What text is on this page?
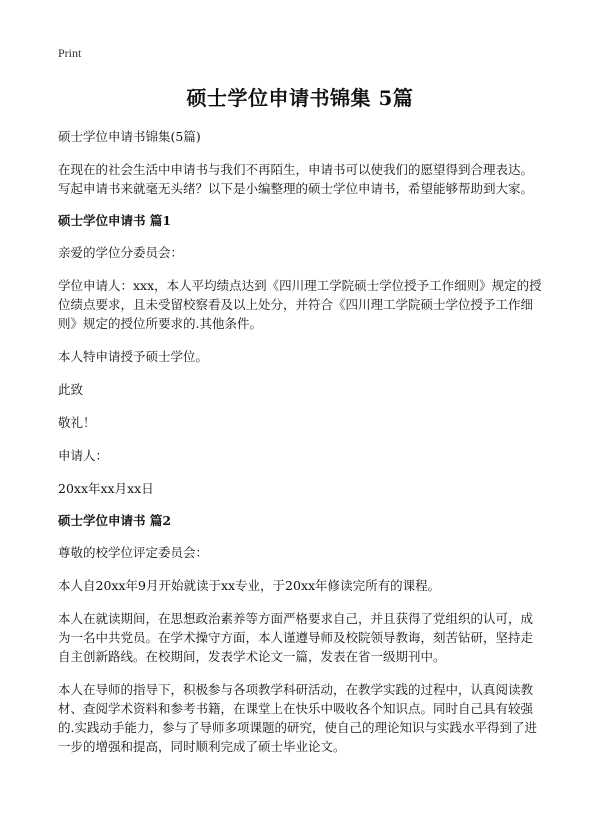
Print
硕士学位申请书锦集 5篇

硕士学位申请书锦集(5篇)

在现在的社会生活中申请书与我们不再陌生，申请书可以使我们的愿望得到合理表达。写起申请书来就毫无头绪？以下是小编整理的硕士学位申请书，希望能够帮助到大家。

硕士学位申请书 篇1

亲爱的学位分委员会：

学位申请人：xxx，本人平均绩点达到《四川理工学院硕士学位授予工作细则》规定的授位绩点要求，且未受留校察看及以上处分，并符合《四川理工学院硕士学位授予工作细则》规定的授位所要求的.其他条件。

本人特申请授予硕士学位。

此致

敬礼！

申请人：

20xx年xx月xx日

硕士学位申请书 篇2

尊敬的校学位评定委员会：

本人自20xx年9月开始就读于xx专业，于20xx年修读完所有的课程。

本人在就读期间，在思想政治素养等方面严格要求自己，并且获得了党组织的认可，成为一名中共党员。在学术操守方面，本人谨遵导师及校院领导教诲，刻苦钻研，坚持走自主创新路线。在校期间，发表学术论文一篇，发表在省一级期刊中。

本人在导师的指导下，积极参与各项教学科研活动，在教学实践的过程中，认真阅读教材、查阅学术资料和参考书籍，在课堂上在快乐中吸收各个知识点。同时自己具有较强的.实践动手能力，参与了导师多项课题的研究，使自己的理论知识与实践水平得到了进一步的增强和提高，同时顺利完成了硕士毕业论文。
